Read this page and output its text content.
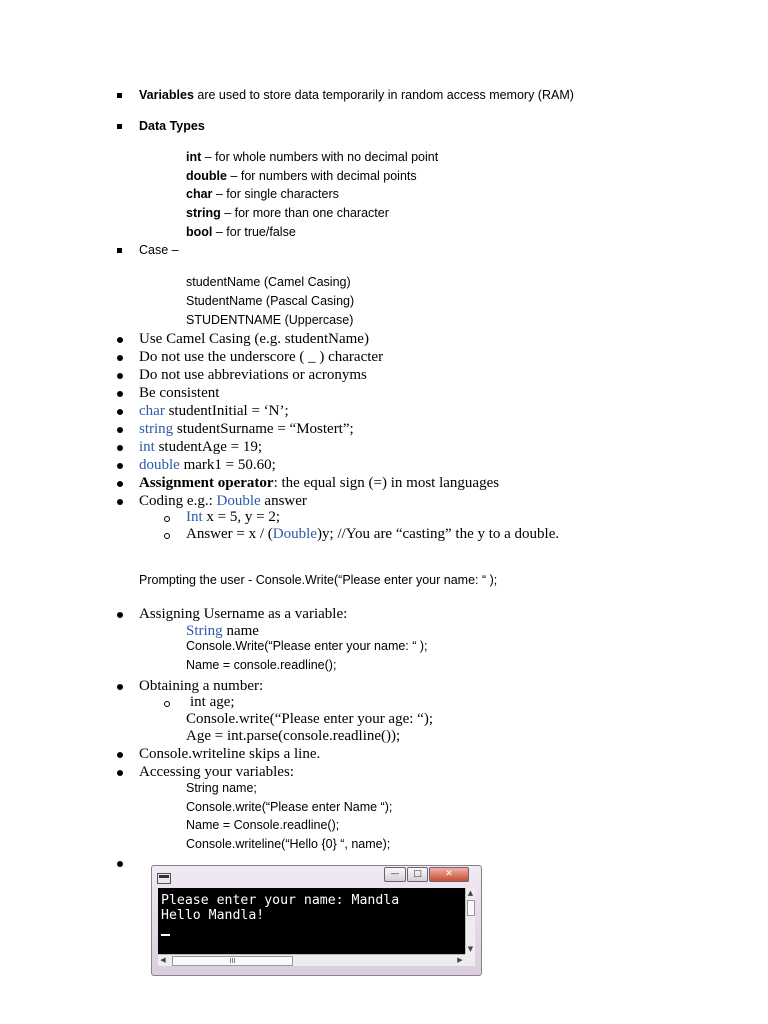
Variables are used to store data temporarily in random access memory (RAM)
Data Types
int – for whole numbers with no decimal point
double – for numbers with decimal points
char – for single characters
string – for more than one character
bool – for true/false
Case –
studentName (Camel Casing)
StudentName (Pascal Casing)
STUDENTNAME (Uppercase)
Use Camel Casing (e.g. studentName)
Do not use the underscore ( _ ) character
Do not use abbreviations or acronyms
Be consistent
char studentInitial = ‘N’;
string studentSurname = “Mostert”;
int studentAge = 19;
double mark1 = 50.60;
Assignment operator: the equal sign (=) in most languages
Coding e.g.: Double answer
Int x = 5, y = 2;
Answer = x / (Double)y; //You are “casting” the y to a double.
Prompting the user - Console.Write(“Please enter your name: “ );
Assigning Username as a variable:
String name
Console.Write(“Please enter your name: “ );
Name = console.readline();
Obtaining a number:
int age;
Console.write(“Please enter your age: “);
Age = int.parse(console.readline());
Console.writeline skips a line.
Accessing your variables:
String name;
Console.write(“Please enter Name “);
Name = Console.readline();
Console.writeline(“Hello {0} “, name);
—	□	✕
Please enter your name: Mandla
Hello Mandla!
▲
▼
◀	III	▶
